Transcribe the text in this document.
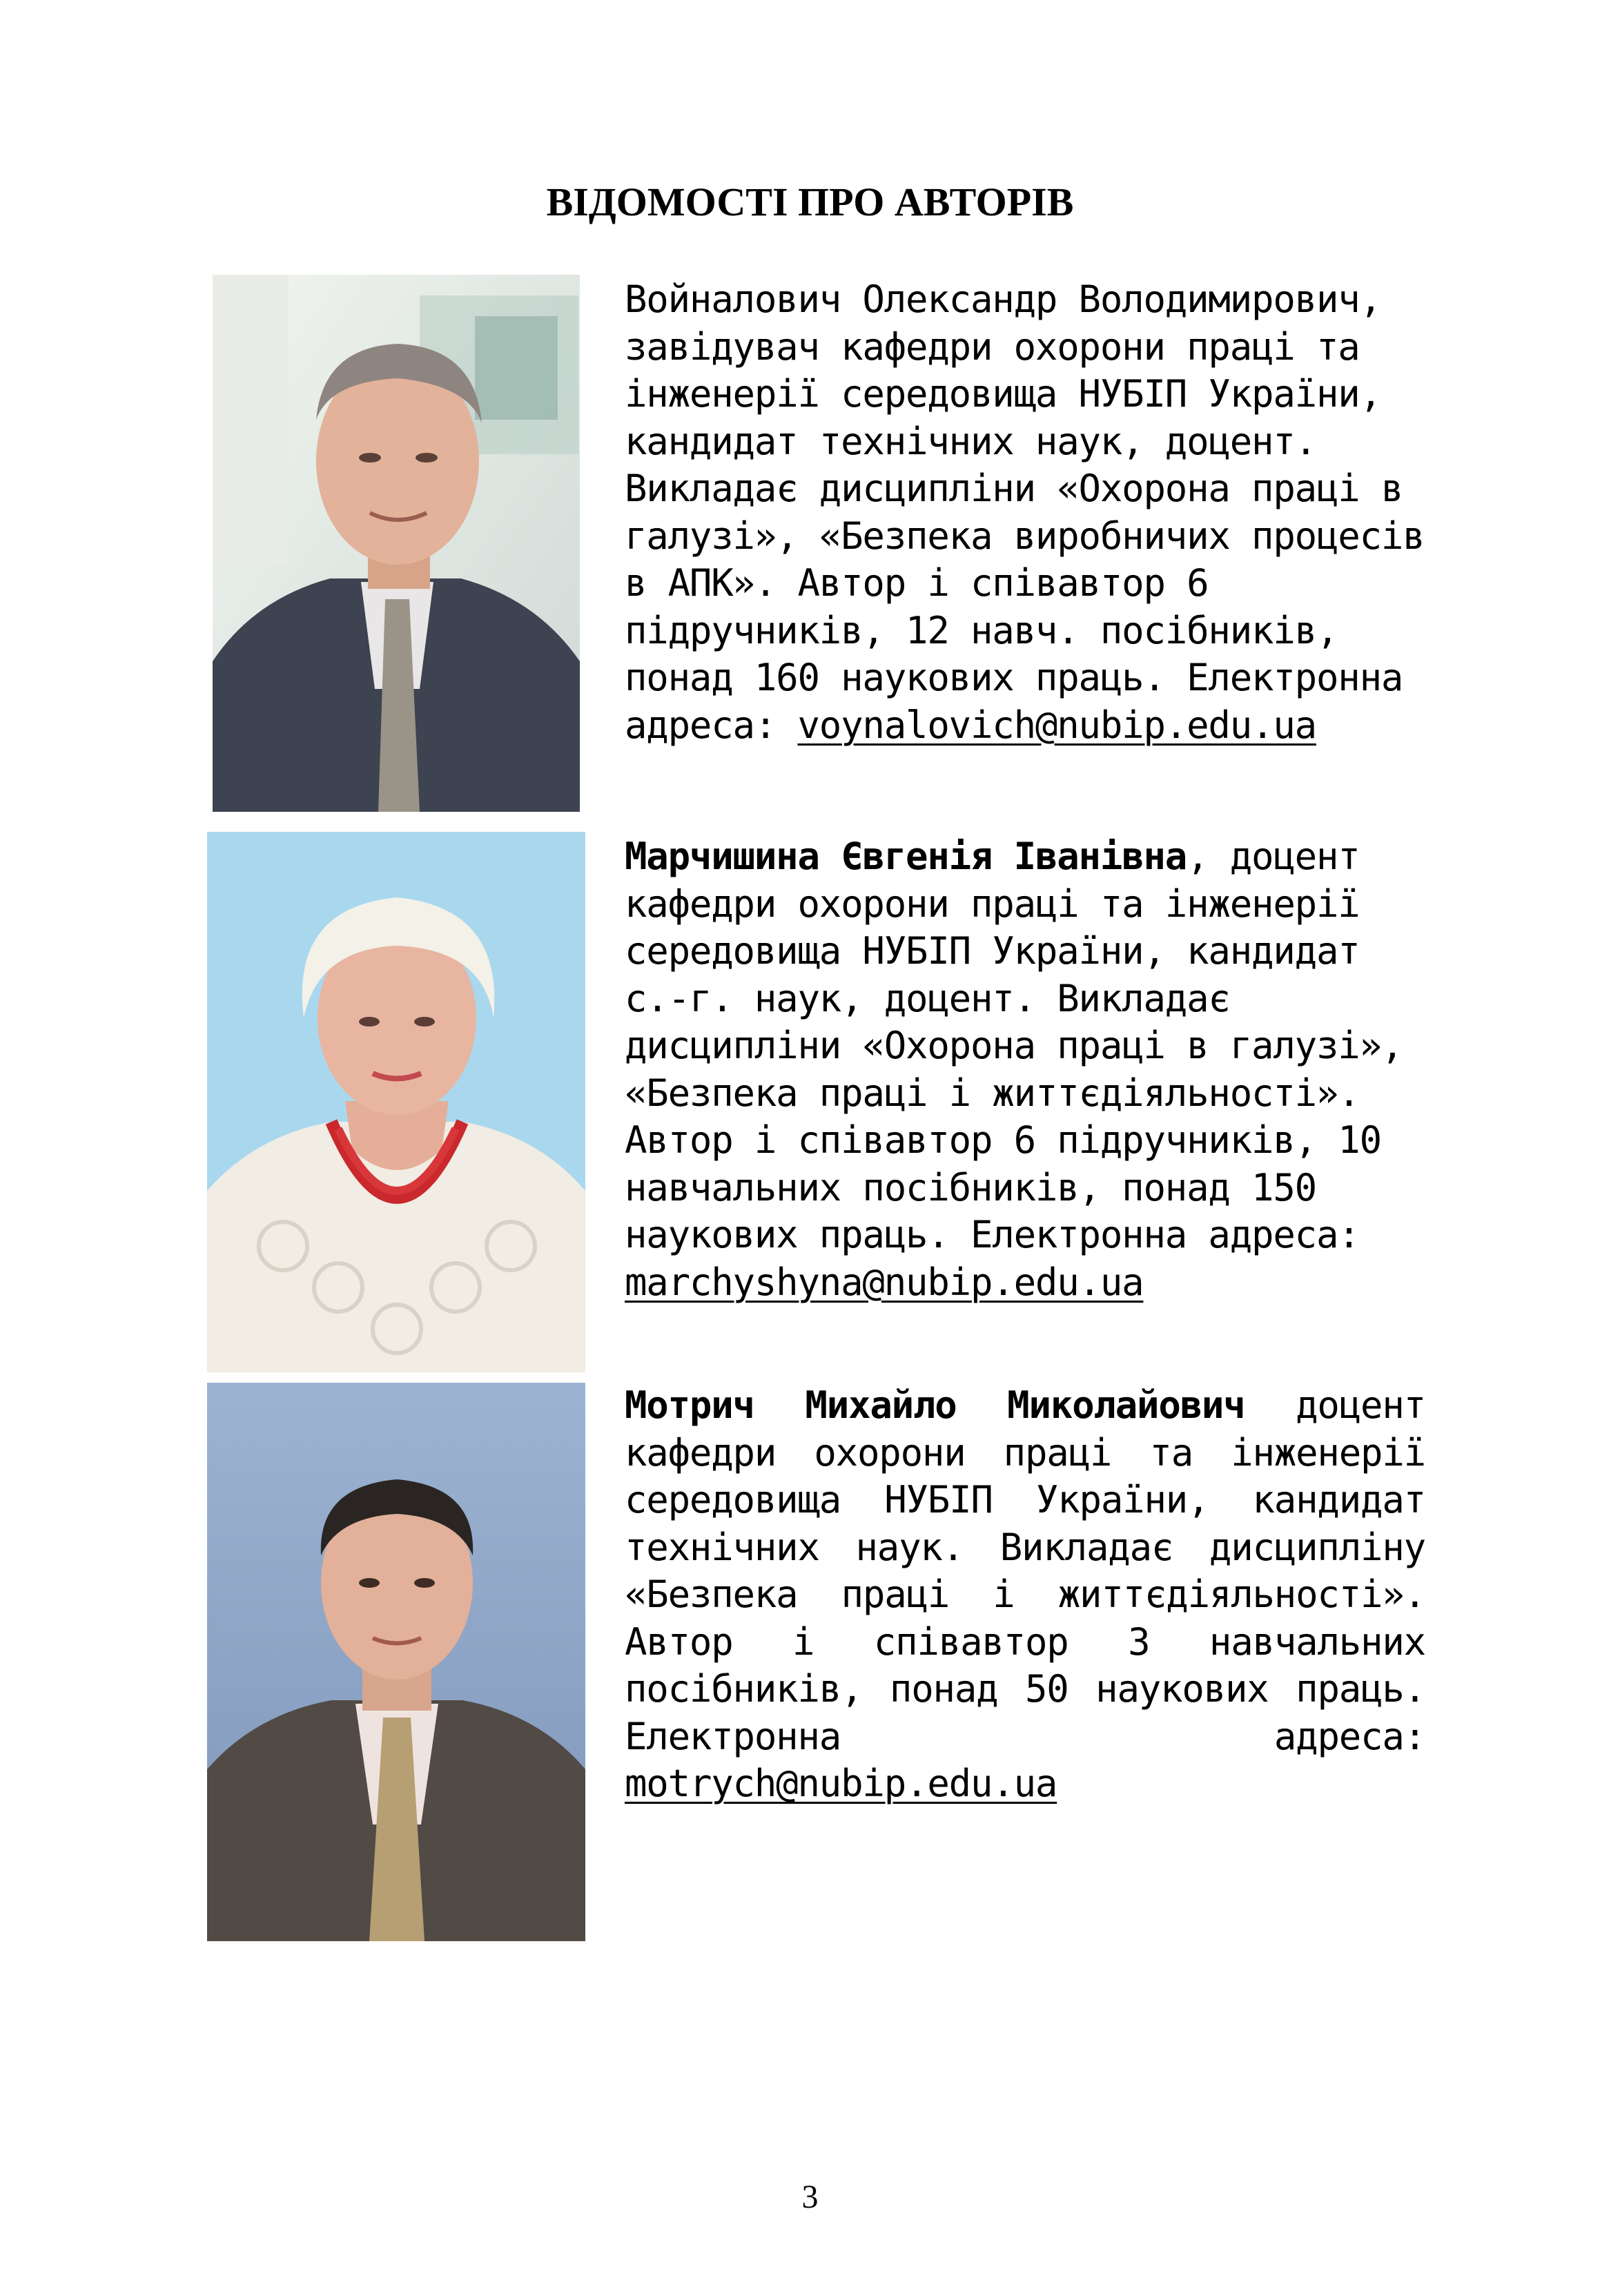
ВІДОМОСТІ ПРО АВТОРІВ
Войналович Олександр Володимирович, завідувач кафедри охорони праці та інженерії середовища НУБІП України, кандидат технічних наук, доцент. Викладає дисципліни «Охорона праці в галузі», «Безпека виробничих процесів в АПК». Автор і співавтор 6 підручників, 12 навч. посібників, понад 160 наукових праць. Електронна адреса: voynalovich@nubip.edu.ua
Марчишина Євгенія Іванівна, доцент кафедри охорони праці та інженерії середовища НУБІП України, кандидат с.-г. наук, доцент. Викладає дисципліни «Охорона праці в галузі», «Безпека праці і життєдіяльності». Автор і співавтор 6 підручників, 10 навчальних посібників, понад 150 наукових праць. Електронна адреса: marchyshyna@nubip.edu.ua
Мотрич Михайло Миколайович доцент кафедри охорони праці та інженерії середовища НУБІП України, кандидат технічних наук. Викладає дисципліну «Безпека праці і життєдіяльності». Автор і співавтор 3 навчальних посібників, понад 50 наукових праць. Електронна адреса: motrych@nubip.edu.ua
3
